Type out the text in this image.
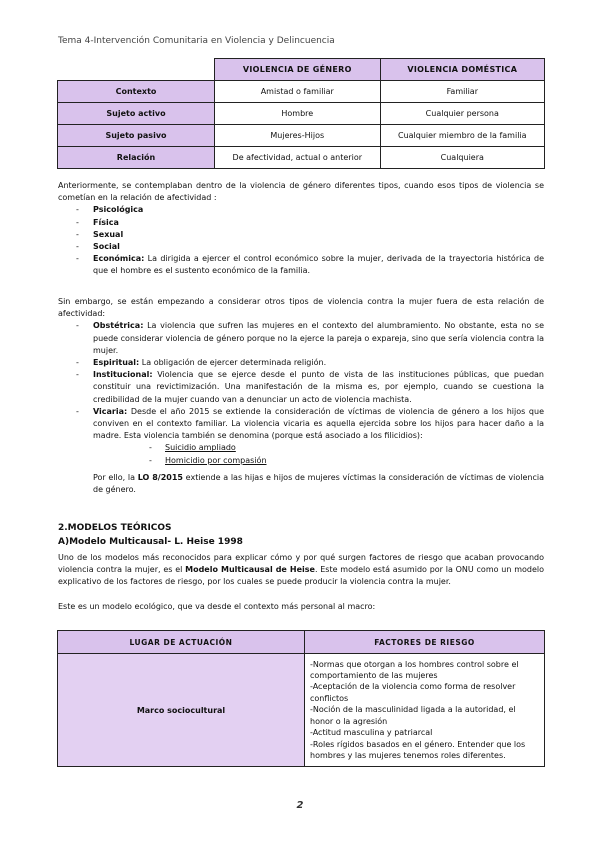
Tema 4-Intervención Comunitaria en Violencia y Delincuencia
	VIOLENCIA DE GÉNERO	VIOLENCIA DOMÉSTICA
Contexto	Amistad o familiar	Familiar
Sujeto activo	Hombre	Cualquier persona
Sujeto pasivo	Mujeres-Hijos	Cualquier miembro de la familia
Relación	De afectividad, actual o anterior	Cualquiera

Anteriormente, se contemplaban dentro de la violencia de género diferentes tipos, cuando esos tipos de violencia se cometían en la relación de afectividad :

- Psicológica
- Física
- Sexual
- Social
- Económica: La dirigida a ejercer el control económico sobre la mujer, derivada de la trayectoria histórica de que el hombre es el sustento económico de la familia.

Sin embargo, se están empezando a considerar otros tipos de violencia contra la mujer fuera de esta relación de afectividad:

- Obstétrica: La violencia que sufren las mujeres en el contexto del alumbramiento. No obstante, esta no se puede considerar violencia de género porque no la ejerce la pareja o expareja, sino que sería violencia contra la mujer.
- Espiritual: La obligación de ejercer determinada religión.
- Institucional: Violencia que se ejerce desde el punto de vista de las instituciones públicas, que puedan constituir una revictimización. Una manifestación de la misma es, por ejemplo, cuando se cuestiona la credibilidad de la mujer cuando van a denunciar un acto de violencia machista.
- Vicaria: Desde el año 2015 se extiende la consideración de víctimas de violencia de género a los hijos que conviven en el contexto familiar. La violencia vicaria es aquella ejercida sobre los hijos para hacer daño a la madre. Esta violencia también se denomina (porque está asociado a los filicidios):
- Suicidio ampliado
- Homicidio por compasión

Por ello, la LO 8/2015 extiende a las hijas e hijos de mujeres víctimas la consideración de víctimas de violencia de género.

2.MODELOS TEÓRICOS
A)Modelo Multicausal- L. Heise 1998

Uno de los modelos más reconocidos para explicar cómo y por qué surgen factores de riesgo que acaban provocando violencia contra la mujer, es el Modelo Multicausal de Heise. Este modelo está asumido por la ONU como un modelo explicativo de los factores de riesgo, por los cuales se puede producir la violencia contra la mujer.

Este es un modelo ecológico, que va desde el contexto más personal al macro:

LUGAR DE ACTUACIÓN	FACTORES DE RIESGO
Marco sociocultural	-Normas que otorgan a los hombres control sobre el comportamiento de las mujeres
-Aceptación de la violencia como forma de resolver conflictos
-Noción de la masculinidad ligada a la autoridad, el honor o la agresión
-Actitud masculina y patriarcal
-Roles rígidos basados en el género. Entender que los hombres y las mujeres tenemos roles diferentes.
2
